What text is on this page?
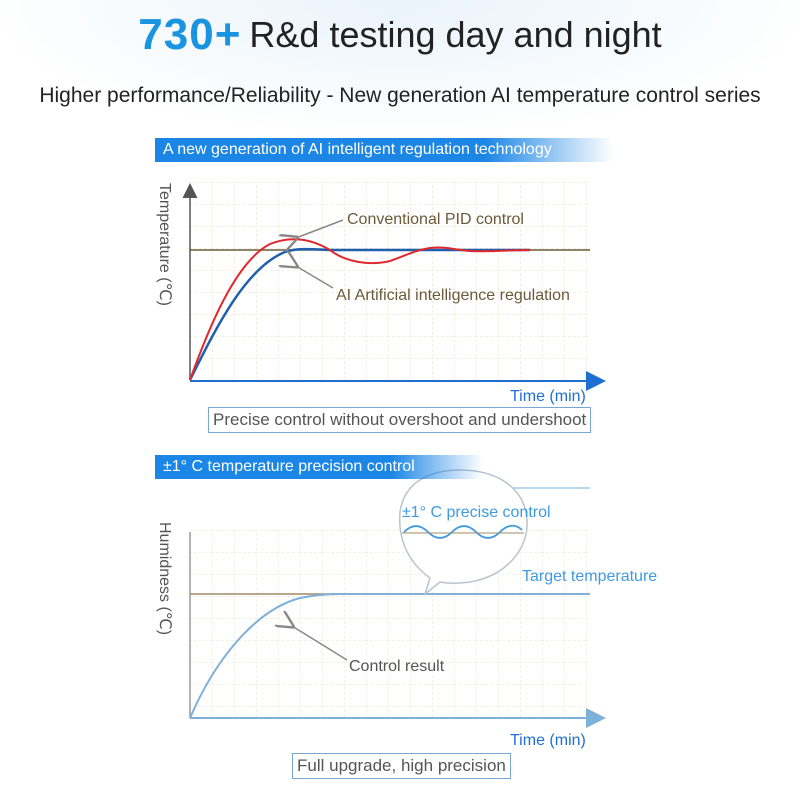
730+ R&d testing day and night
Higher performance/Reliability - New generation AI temperature control series
A new generation of AI intelligent regulation technology
Conventional PID control
AI Artificial intelligence regulation
Time (min)
Temperature (℃)
Control result
Target temperature
Time (min)
Humidness (℃)
±1° C precise control
Precise control without overshoot and undershoot
±1° C temperature precision control
Full upgrade, high precision
